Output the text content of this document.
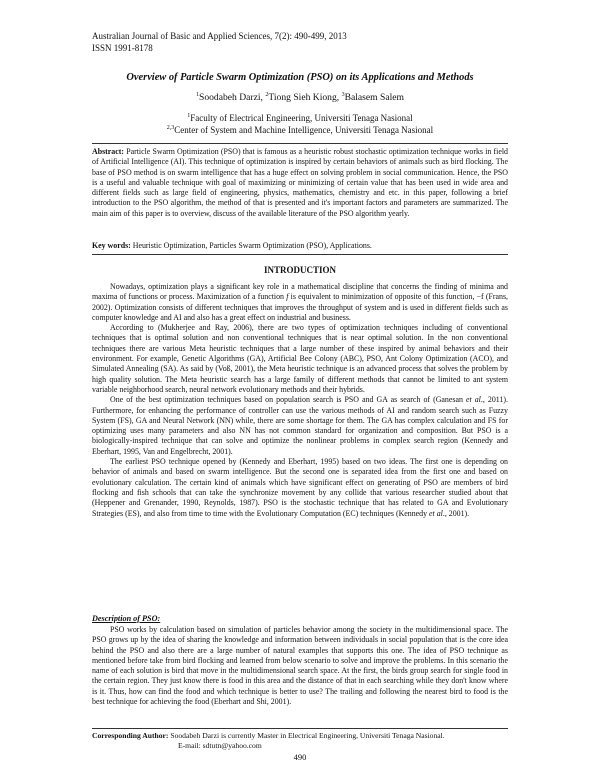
Australian Journal of Basic and Applied Sciences, 7(2): 490-499, 2013
ISSN 1991-8178
Overview of Particle Swarm Optimization (PSO) on its Applications and Methods
$^1$Soodabeh Darzi, $^2$Tiong Sieh Kiong, $^3$Balasem Salem
$^1$Faculty of Electrical Engineering, Universiti Tenaga Nasional
$^{2,3}$Center of System and Machine Intelligence, Universiti Tenaga Nasional
Abstract: Particle Swarm Optimization (PSO) that is famous as a heuristic robust stochastic optimization technique works in field of Artificial Intelligence (AI). This technique of optimization is inspired by certain behaviors of animals such as bird flocking. The base of PSO method is on swarm intelligence that has a huge effect on solving problem in social communication. Hence, the PSO is a useful and valuable technique with goal of maximizing or minimizing of certain value that has been used in wide area and different fields such as large field of engineering, physics, mathematics, chemistry and etc. in this paper, following a brief introduction to the PSO algorithm, the method of that is presented and it's important factors and parameters are summarized. The main aim of this paper is to overview, discuss of the available literature of the PSO algorithm yearly.
Key words: Heuristic Optimization, Particles Swarm Optimization (PSO), Applications.
INTRODUCTION

Nowadays, optimization plays a significant key role in a mathematical discipline that concerns the finding of minima and maxima of functions or process. Maximization of a function f is equivalent to minimization of opposite of this function, −f (Frans, 2002). Optimization consists of different techniques that improves the throughput of system and is used in different fields such as computer knowledge and AI and also has a great effect on industrial and business.

According to (Mukherjee and Ray, 2006), there are two types of optimization techniques including of conventional techniques that is optimal solution and non conventional techniques that is near optimal solution. In the non conventional techniques there are various Meta heuristic techniques that a large number of these inspired by animal behaviors and their environment. For example, Genetic Algorithms (GA), Artificial Bee Colony (ABC), PSO, Ant Colony Optimization (ACO), and Simulated Annealing (SA). As said by (Voß, 2001), the Meta heuristic technique is an advanced process that solves the problem by high quality solution. The Meta heuristic search has a large family of different methods that cannot be limited to ant system variable neighborhood search, neural network evolutionary methods and their hybrids.

One of the best optimization techniques based on population search is PSO and GA as search of (Ganesan et al., 2011). Furthermore, for enhancing the performance of controller can use the various methods of AI and random search such as Fuzzy System (FS), GA and Neural Network (NN) while, there are some shortage for them. The GA has complex calculation and FS for optimizing uses many parameters and also NN has not common standard for organization and composition. But PSO is a biologically-inspired technique that can solve and optimize the nonlinear problems in complex search region (Kennedy and Eberhart, 1995, Van and Engelbrecht, 2001).

The earliest PSO technique opened by (Kennedy and Eberhart, 1995) based on two ideas. The first one is depending on behavior of animals and based on swarm intelligence. But the second one is separated idea from the first one and based on evolutionary calculation. The certain kind of animals which have significant effect on generating of PSO are members of bird flocking and fish schools that can take the synchronize movement by any collide that various researcher studied about that (Heppener and Grenander, 1990, Reynolds, 1987). PSO is the stochastic technique that has related to GA and Evolutionary Strategies (ES), and also from time to time with the Evolutionary Computation (EC) techniques (Kennedy et al., 2001).

Description of PSO:

PSO works by calculation based on simulation of particles behavior among the society in the multidimensional space. The PSO grows up by the idea of sharing the knowledge and information between individuals in social population that is the core idea behind the PSO and also there are a large number of natural examples that supports this one. The idea of PSO technique as mentioned before take from bird flocking and learned from below scenario to solve and improve the problems. In this scenario the name of each solution is bird that move in the multidimensional search space. At the first, the birds group search for single food in the certain region. They just know there is food in this area and the distance of that in each searching while they don't know where is it. Thus, how can find the food and which technique is better to use? The trailing and following the nearest bird to food is the best technique for achieving the food (Eberhart and Shi, 2001).

Corresponding Author: Soodabeh Darzi is currently Master in Electrical Engineering, Universiti Tenaga Nasional.
E-mail: sdtutn@yahoo.com
490
